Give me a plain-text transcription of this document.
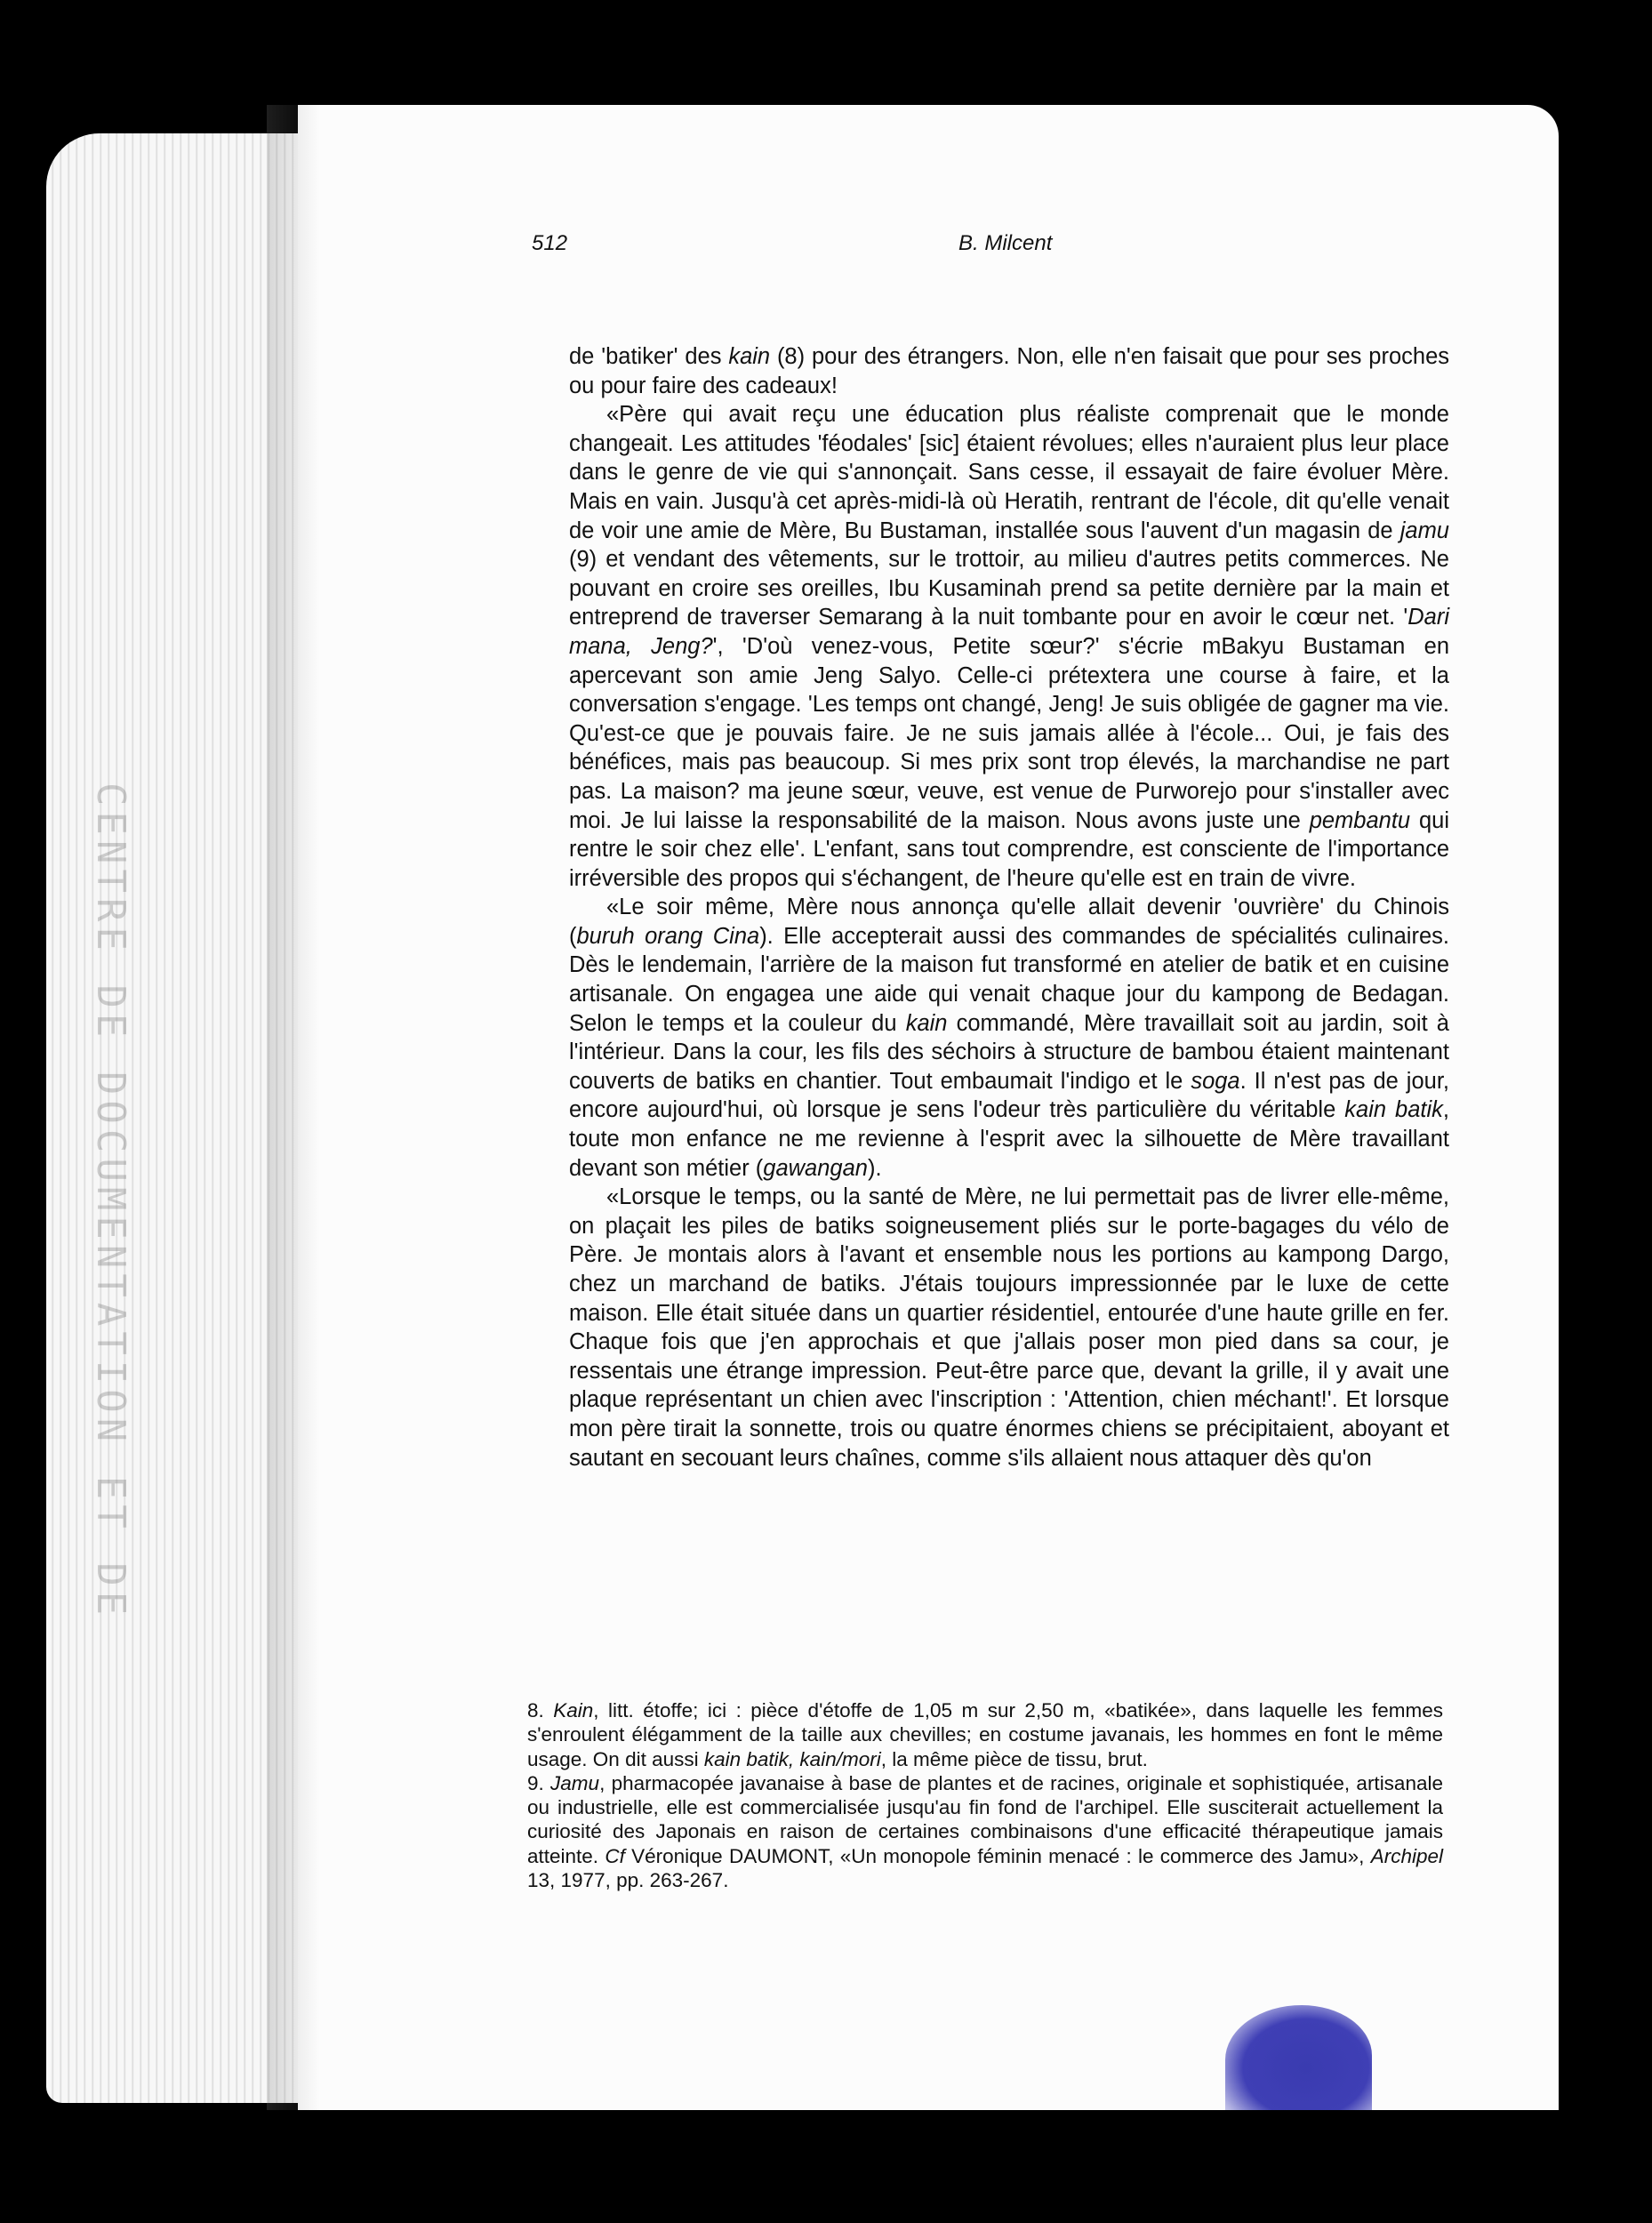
CENTRE DE DOCUMENTATION ET DE
512	B. Milcent

de 'batiker' des kain (8) pour des étrangers. Non, elle n'en faisait que pour ses proches ou pour faire des cadeaux!

«Père qui avait reçu une éducation plus réaliste comprenait que le monde changeait. Les attitudes 'féodales' [sic] étaient révolues; elles n'auraient plus leur place dans le genre de vie qui s'annonçait. Sans cesse, il essayait de faire évoluer Mère. Mais en vain. Jusqu'à cet après-midi-là où Heratih, rentrant de l'école, dit qu'elle venait de voir une amie de Mère, Bu Bustaman, installée sous l'auvent d'un magasin de jamu (9) et vendant des vêtements, sur le trottoir, au milieu d'autres petits commerces. Ne pouvant en croire ses oreilles, Ibu Kusaminah prend sa petite dernière par la main et entreprend de traverser Semarang à la nuit tombante pour en avoir le cœur net. 'Dari mana, Jeng?', 'D'où venez-vous, Petite sœur?' s'écrie mBakyu Bustaman en apercevant son amie Jeng Salyo. Celle-ci prétextera une course à faire, et la conversation s'engage. 'Les temps ont changé, Jeng! Je suis obligée de gagner ma vie. Qu'est-ce que je pouvais faire. Je ne suis jamais allée à l'école... Oui, je fais des bénéfices, mais pas beaucoup. Si mes prix sont trop élevés, la marchandise ne part pas. La maison? ma jeune sœur, veuve, est venue de Purworejo pour s'installer avec moi. Je lui laisse la responsabilité de la maison. Nous avons juste une pembantu qui rentre le soir chez elle'. L'enfant, sans tout comprendre, est consciente de l'importance irréversible des propos qui s'échangent, de l'heure qu'elle est en train de vivre.

«Le soir même, Mère nous annonça qu'elle allait devenir 'ouvrière' du Chinois (buruh orang Cina). Elle accepterait aussi des commandes de spécialités culinaires. Dès le lendemain, l'arrière de la maison fut transformé en atelier de batik et en cuisine artisanale. On engagea une aide qui venait chaque jour du kampong de Bedagan. Selon le temps et la couleur du kain commandé, Mère travaillait soit au jardin, soit à l'intérieur. Dans la cour, les fils des séchoirs à structure de bambou étaient maintenant couverts de batiks en chantier. Tout embaumait l'indigo et le soga. Il n'est pas de jour, encore aujourd'hui, où lorsque je sens l'odeur très particulière du véritable kain batik, toute mon enfance ne me revienne à l'esprit avec la silhouette de Mère travaillant devant son métier (gawangan).

«Lorsque le temps, ou la santé de Mère, ne lui permettait pas de livrer elle-même, on plaçait les piles de batiks soigneusement pliés sur le porte-bagages du vélo de Père. Je montais alors à l'avant et ensemble nous les portions au kampong Dargo, chez un marchand de batiks. J'étais toujours impressionnée par le luxe de cette maison. Elle était située dans un quartier résidentiel, entourée d'une haute grille en fer. Chaque fois que j'en approchais et que j'allais poser mon pied dans sa cour, je ressentais une étrange impression. Peut-être parce que, devant la grille, il y avait une plaque représentant un chien avec l'inscription : 'Attention, chien méchant!'. Et lorsque mon père tirait la sonnette, trois ou quatre énormes chiens se précipitaient, aboyant et sautant en secouant leurs chaînes, comme s'ils allaient nous attaquer dès qu'on

8. Kain, litt. étoffe; ici : pièce d'étoffe de 1,05 m sur 2,50 m, «batikée», dans laquelle les femmes s'enroulent élégamment de la taille aux chevilles; en costume javanais, les hommes en font le même usage. On dit aussi kain batik, kain/mori, la même pièce de tissu, brut.

9. Jamu, pharmacopée javanaise à base de plantes et de racines, originale et sophistiquée, artisanale ou industrielle, elle est commercialisée jusqu'au fin fond de l'archipel. Elle susciterait actuellement la curiosité des Japonais en raison de certaines combinaisons d'une efficacité thérapeutique jamais atteinte. Cf Véronique DAUMONT, «Un monopole féminin menacé : le commerce des Jamu», Archipel 13, 1977, pp. 263-267.
